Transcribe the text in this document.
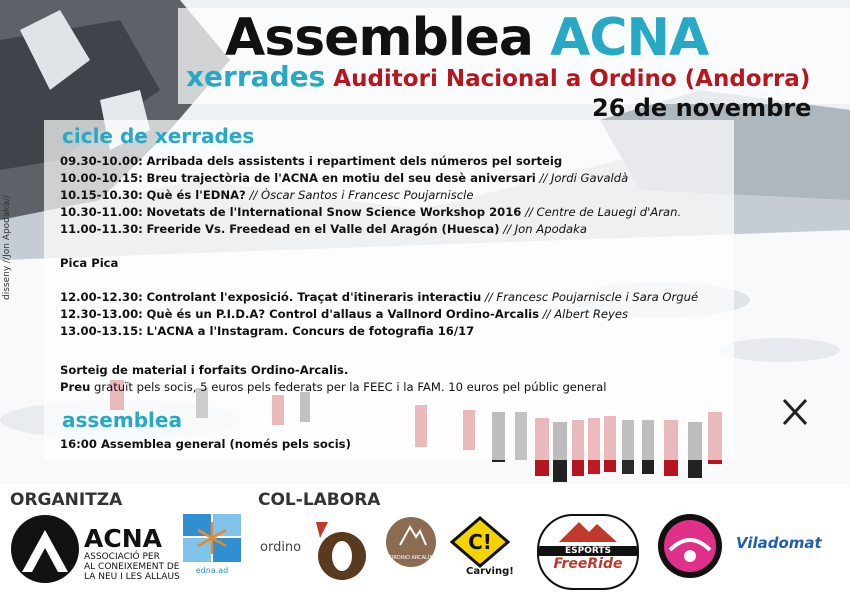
Assemblea ACNA
xerrades Auditori Nacional a Ordino (Andorra)
26 de novembre
cicle de xerrades
09.30-10.00: Arribada dels assistents i repartiment dels números pel sorteig
10.00-10.15: Breu trajectòria de l'ACNA en motiu del seu desè aniversari // Jordi Gavaldà
10.15-10.30: Què és l'EDNA? // Òscar Santos i Francesc Poujarniscle
10.30-11.00: Novetats de l'International Snow Science Workshop 2016 // Centre de Lauegi d'Aran.
11.00-11.30: Freeride Vs. Freedead en el Valle del Aragón (Huesca) // Jon Apodaka
Pica Pica
12.00-12.30: Controlant l'exposició. Traçat d'itineraris interactiu // Francesc Poujarniscle i Sara Orgué
12.30-13.00: Què és un P.I.D.A? Control d'allaus a Vallnord Ordino-Arcalis // Albert Reyes
13.00-13.15: L'ACNA a l'Instagram. Concurs de fotografia 16/17
Sorteig de material i forfaits Ordino-Arcalis.
Preu gratuït pels socis, 5 euros pels federats per la FEEC i la FAM. 10 euros pel públic general
assemblea
16:00 Assemblea general (només pels socis)
disseny //Jon Apodaka//
ORGANITZA	COL-LABORA
ACNA
ASSOCIACIÓ PER
AL CONEIXEMENT DE
LA NEU I LES ALLAUS
edna.ad
ordino
ORDINO ARCALÍS
C!
Carving!
ESPORTS
FreeRide
Viladomat
